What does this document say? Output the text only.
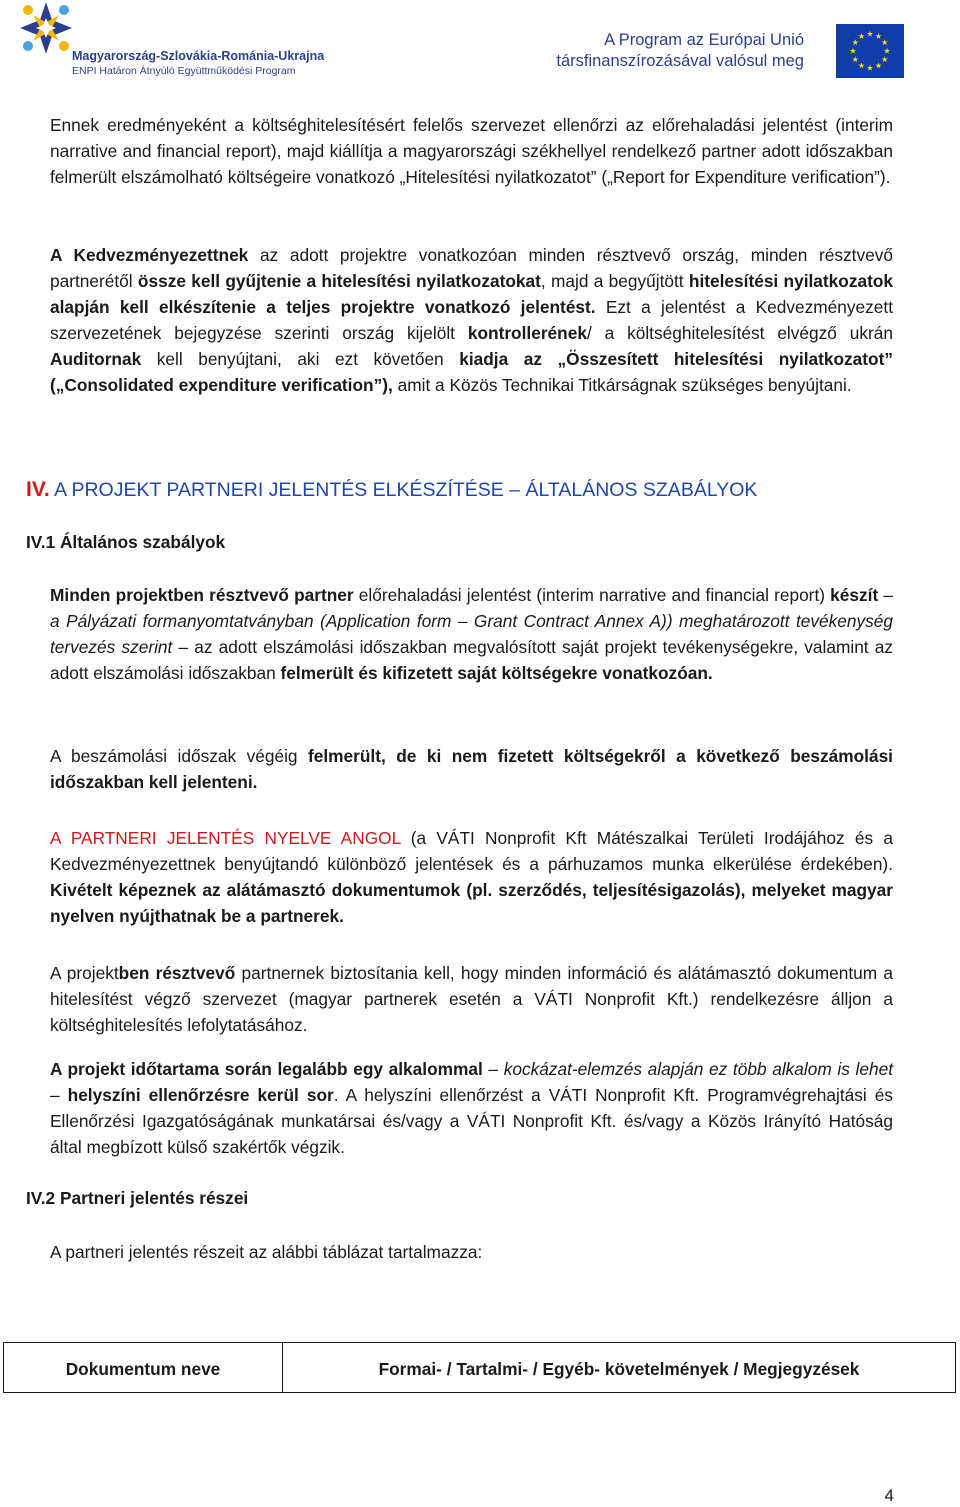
Magyarország-Szlovákia-Románia-Ukrajna
ENPI Határon Átnyúló Együttműködési Program
A Program az Európai Unió
társfinanszírozásával valósul meg
Ennek eredményeként a költséghitelesítésért felelős szervezet ellenőrzi az előrehaladási jelentést (interim narrative and financial report), majd kiállítja a magyarországi székhellyel rendelkező partner adott időszakban felmerült elszámolható költségeire vonatkozó „Hitelesítési nyilatkozatot” („Report for Expenditure verification”).
A Kedvezményezettnek az adott projektre vonatkozóan minden résztvevő ország, minden résztvevő partnerétől össze kell gyűjtenie a hitelesítési nyilatkozatokat, majd a begyűjtött hitelesítési nyilatkozatok alapján kell elkészítenie a teljes projektre vonatkozó jelentést. Ezt a jelentést a Kedvezményezett szervezetének bejegyzése szerinti ország kijelölt kontrollerének/ a költséghitelesítést elvégző ukrán Auditornak kell benyújtani, aki ezt követően kiadja az „Összesített hitelesítési nyilatkozatot” („Consolidated expenditure verification”), amit a Közös Technikai Titkárságnak szükséges benyújtani.
IV. A PROJEKT PARTNERI JELENTÉS ELKÉSZÍTÉSE – ÁLTALÁNOS SZABÁLYOK
IV.1 Általános szabályok
Minden projektben résztvevő partner előrehaladási jelentést (interim narrative and financial report) készít – a Pályázati formanyomtatványban (Application form – Grant Contract Annex A)) meghatározott tevékenység tervezés szerint – az adott elszámolási időszakban megvalósított saját projekt tevékenységekre, valamint az adott elszámolási időszakban felmerült és kifizetett saját költségekre vonatkozóan.
A beszámolási időszak végéig felmerült, de ki nem fizetett költségekről a következő beszámolási időszakban kell jelenteni.
A PARTNERI JELENTÉS NYELVE ANGOL (a VÁTI Nonprofit Kft Mátészalkai Területi Irodájához és a Kedvezményezettnek benyújtandó különböző jelentések és a párhuzamos munka elkerülése érdekében). Kivételt képeznek az alátámasztó dokumentumok (pl. szerződés, teljesítésigazolás), melyeket magyar nyelven nyújthatnak be a partnerek.
A projektben résztvevő partnernek biztosítania kell, hogy minden információ és alátámasztó dokumentum a hitelesítést végző szervezet (magyar partnerek esetén a VÁTI Nonprofit Kft.) rendelkezésre álljon a költséghitelesítés lefolytatásához.
A projekt időtartama során legalább egy alkalommal – kockázat-elemzés alapján ez több alkalom is lehet – helyszíni ellenőrzésre kerül sor. A helyszíni ellenőrzést a VÁTI Nonprofit Kft. Programvégrehajtási és Ellenőrzési Igazgatóságának munkatársai és/vagy a VÁTI Nonprofit Kft. és/vagy a Közös Irányító Hatóság által megbízott külső szakértők végzik.
IV.2 Partneri jelentés részei
A partneri jelentés részeit az alábbi táblázat tartalmazza:
Dokumentum neve	Formai- / Tartalmi- / Egyéb- követelmények / Megjegyzések
4
